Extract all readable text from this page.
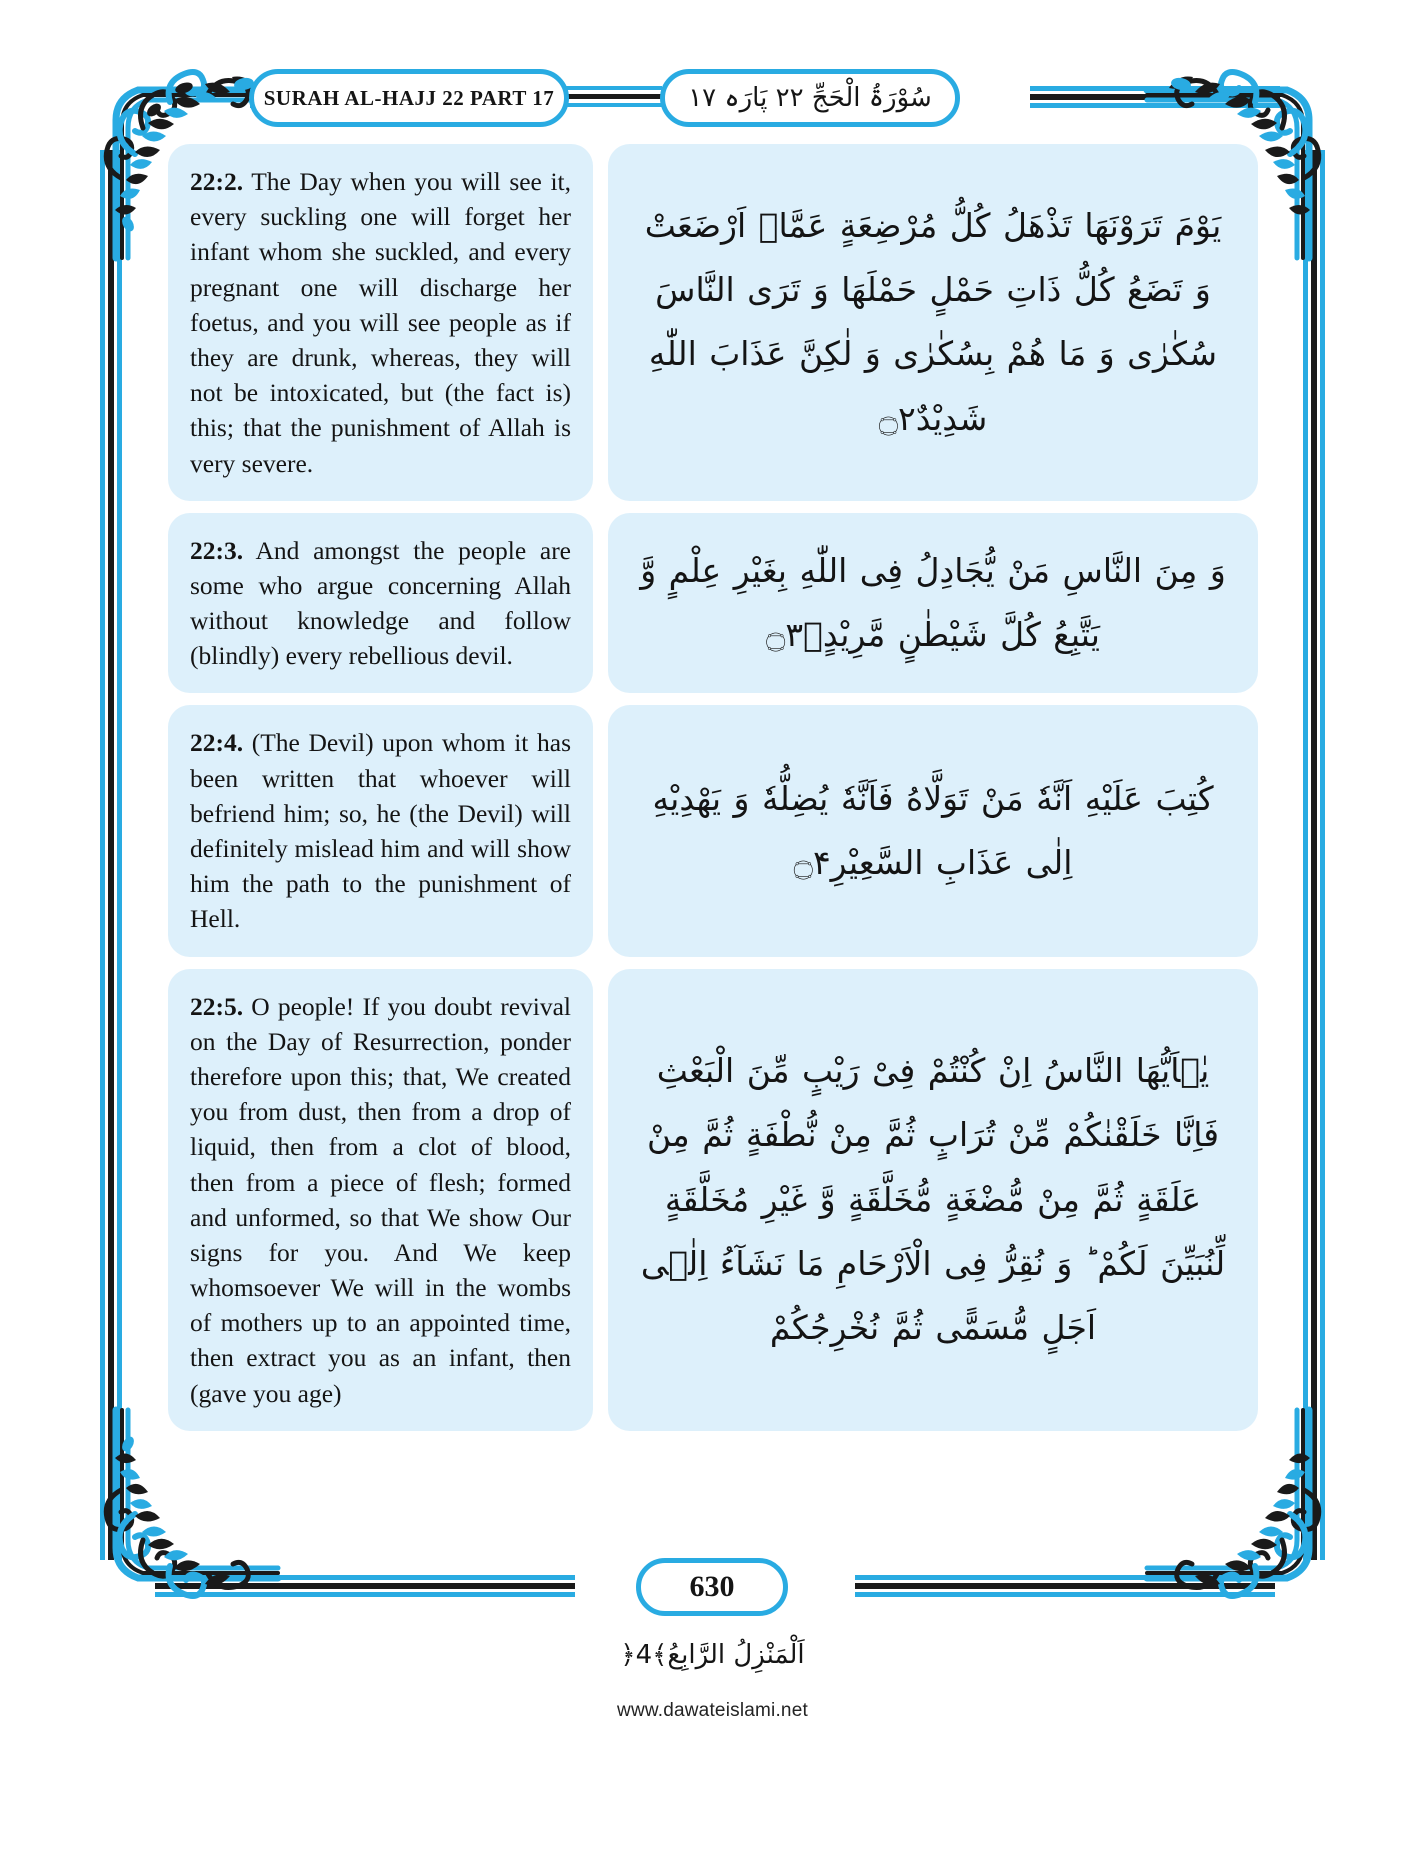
SURAH AL-HAJJ 22 PART 17	سُوْرَۃُ الْحَجِّ ۲۲ پَارَہ ۱۷
22:2. The Day when you will see it, every suckling one will forget her infant whom she suckled, and every pregnant one will discharge her foetus, and you will see people as if they are drunk, whereas, they will not be intoxicated, but (the fact is) this; that the punishment of Allah is very severe.
یَوْمَ تَرَوْنَهَا تَذْهَلُ كُلُّ مُرْضِعَةٍ عَمَّاۤ اَرْضَعَتْ وَ تَضَعُ كُلُّ ذَاتِ حَمْلٍ حَمْلَهَا وَ تَرَى النَّاسَ سُكٰرٰى وَ مَا هُمْ بِسُكٰرٰى وَ لٰكِنَّ عَذَابَ اللّٰهِ شَدِیْدٌ۝۲
22:3. And amongst the people are some who argue concerning Allah without knowledge and follow (blindly) every rebellious devil.
وَ مِنَ النَّاسِ مَنْ یُّجَادِلُ فِی اللّٰهِ بِغَیْرِ عِلْمٍ وَّ یَتَّبِعُ كُلَّ شَیْطٰنٍ مَّرِیْدٍۙ۝۳
22:4. (The Devil) upon whom it has been written that whoever will befriend him; so, he (the Devil) will definitely mislead him and will show him the path to the punishment of Hell.
كُتِبَ عَلَیْهِ اَنَّهٗ مَنْ تَوَلَّاهُ فَاَنَّهٗ یُضِلُّهٗ وَ یَهْدِیْهِ اِلٰى عَذَابِ السَّعِیْرِ۝۴
22:5. O people! If you doubt revival on the Day of Resurrection, ponder therefore upon this; that, We created you from dust, then from a drop of liquid, then from a clot of blood, then from a piece of flesh; formed and unformed, so that We show Our signs for you. And We keep whomsoever We will in the wombs of mothers up to an appointed time, then extract you as an infant, then (gave you age)
یٰۤاَیُّهَا النَّاسُ اِنْ كُنْتُمْ فِیْ رَیْبٍ مِّنَ الْبَعْثِ فَاِنَّا خَلَقْنٰكُمْ مِّنْ تُرَابٍ ثُمَّ مِنْ نُّطْفَةٍ ثُمَّ مِنْ عَلَقَةٍ ثُمَّ مِنْ مُّضْغَةٍ مُّخَلَّقَةٍ وَّ غَیْرِ مُخَلَّقَةٍ لِّنُبَیِّنَ لَكُمْ ؕ وَ نُقِرُّ فِی الْاَرْحَامِ مَا نَشَآءُ اِلٰۤى اَجَلٍ مُّسَمًّى ثُمَّ نُخْرِجُكُمْ
630
اَلْمَنْزِلُ الرَّابِعُ﴾4﴿
www.dawateislami.net
